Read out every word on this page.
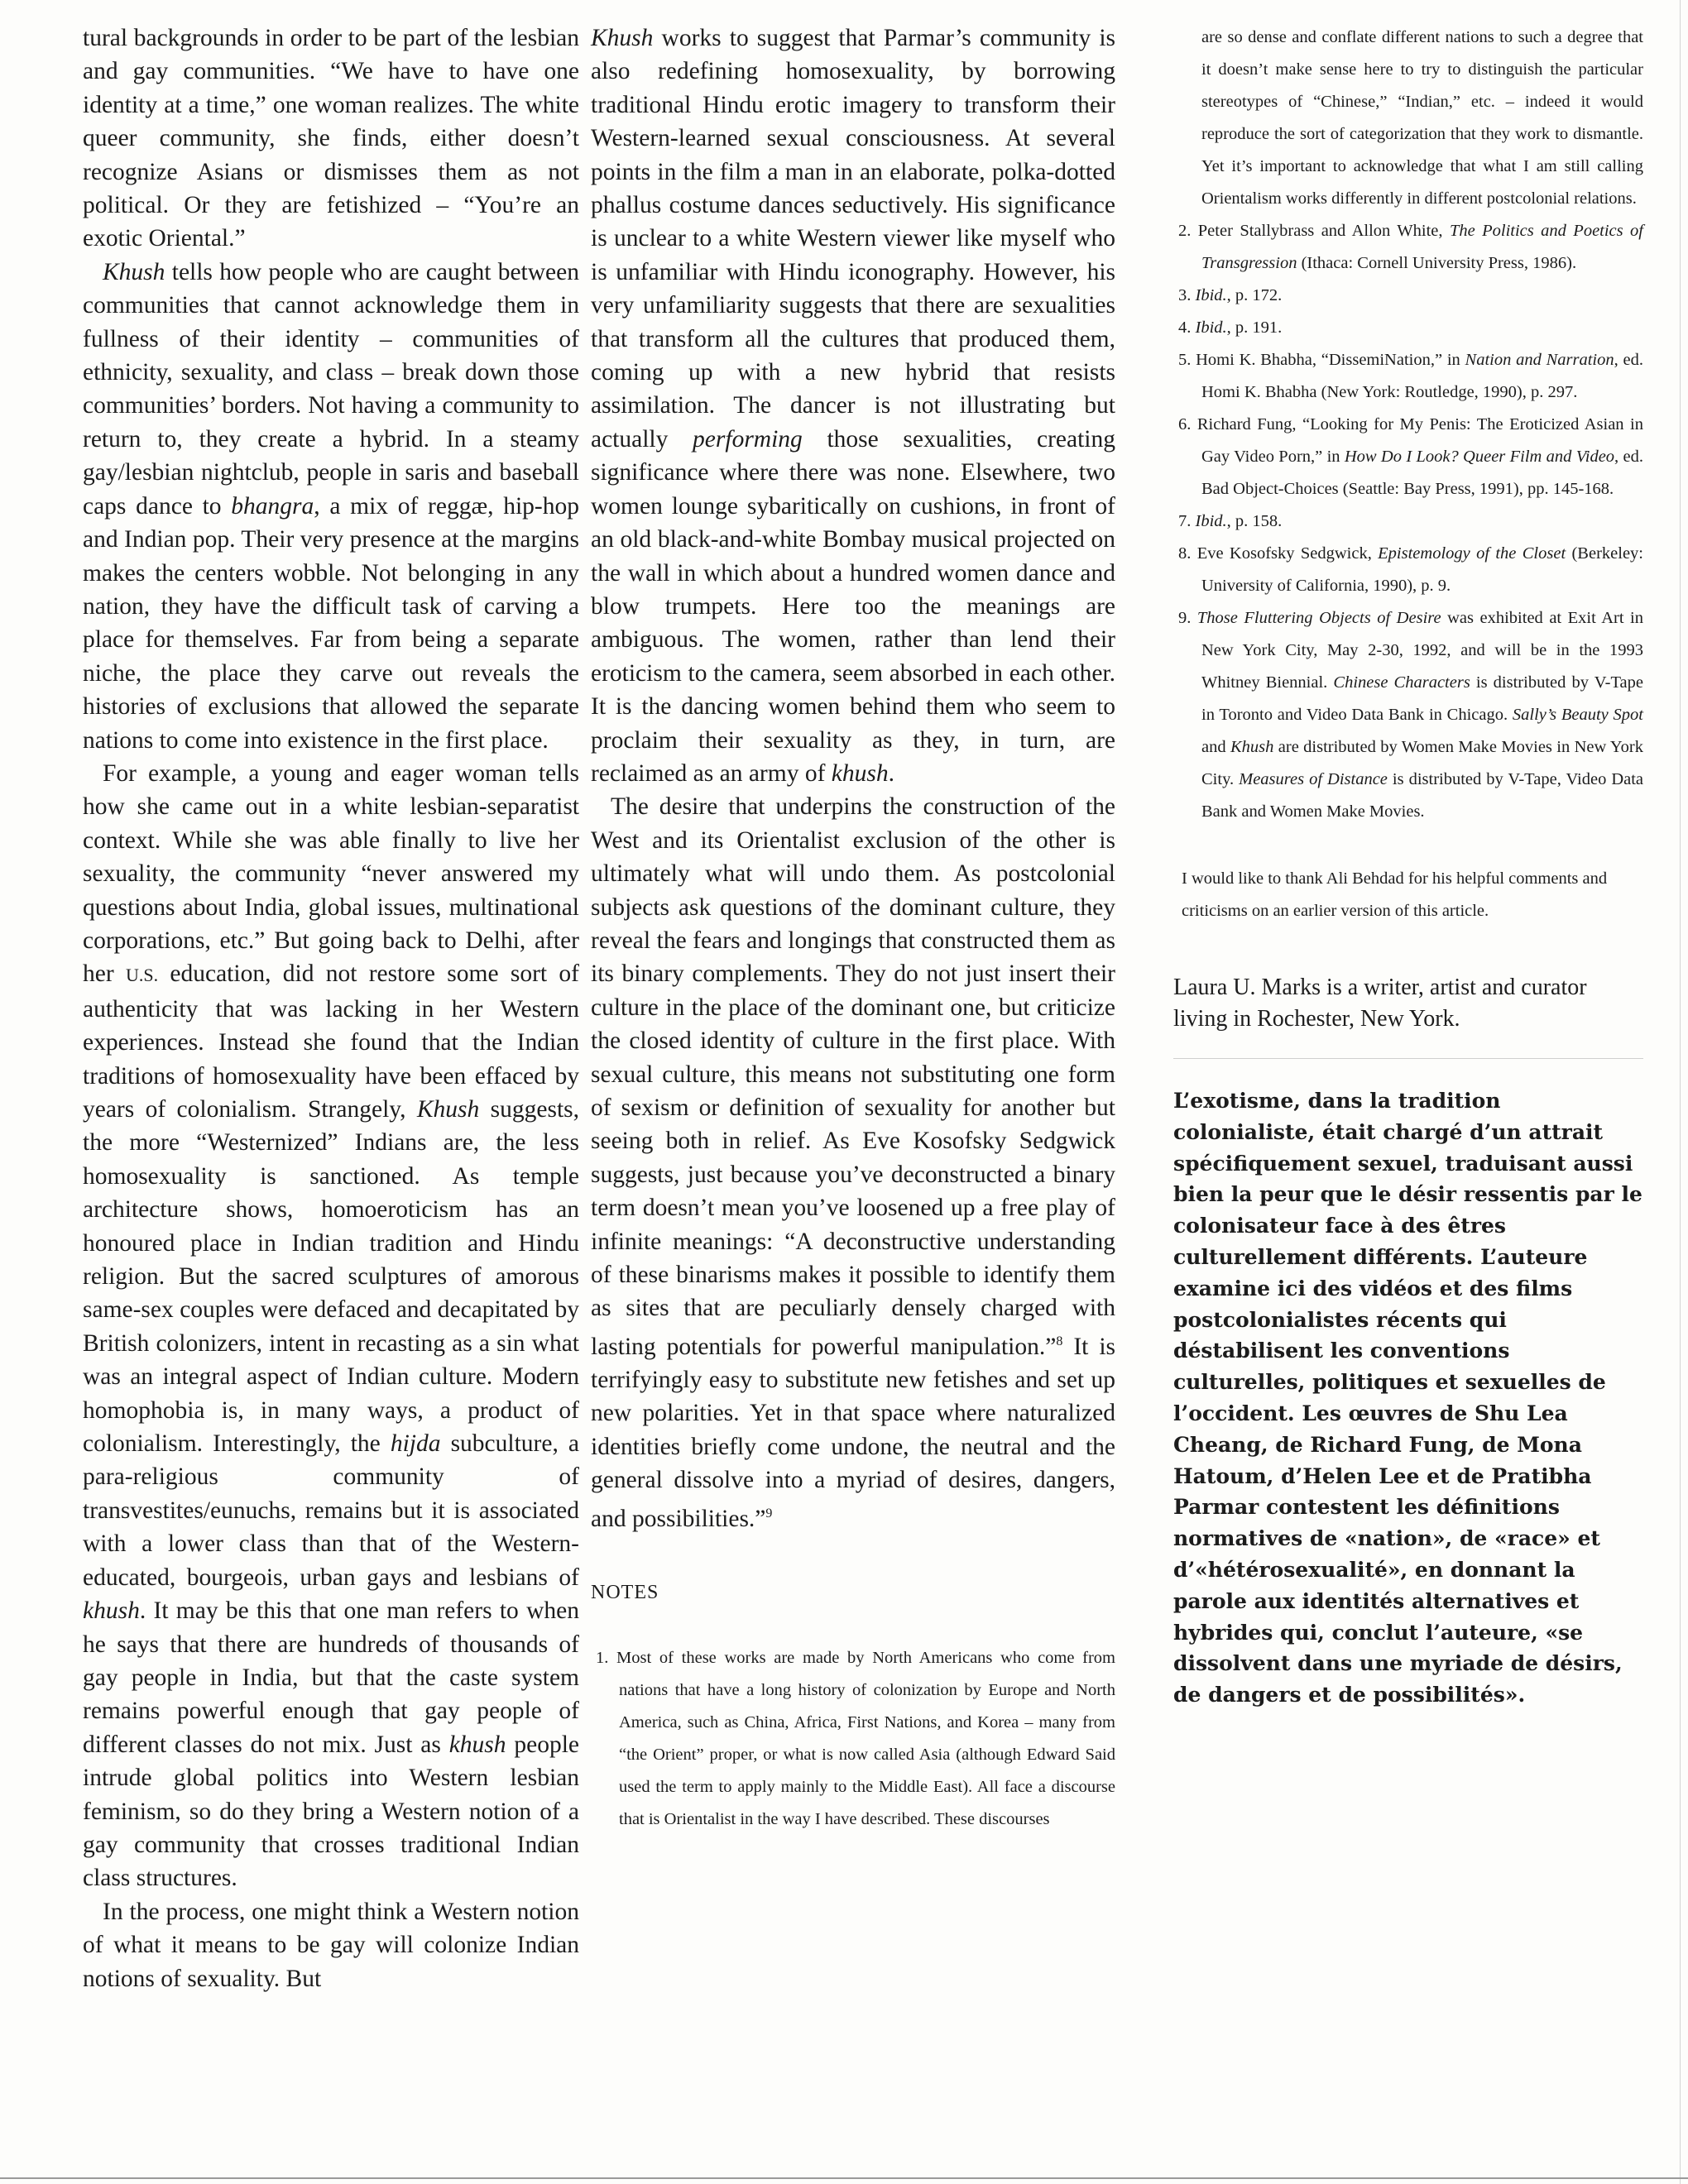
tural backgrounds in order to be part of the lesbian and gay communities. “We have to have one identity at a time,” one woman realizes. The white queer community, she finds, either doesn’t recognize Asians or dismisses them as not political. Or they are fetishized – “You’re an exotic Oriental.”

Khush tells how people who are caught between communities that cannot acknowledge them in fullness of their identity – communities of ethnicity, sexuality, and class – break down those communities’ borders. Not having a community to return to, they create a hybrid. In a steamy gay/lesbian nightclub, people in saris and baseball caps dance to bhangra, a mix of reggæ, hip-hop and Indian pop. Their very presence at the margins makes the centers wobble. Not belonging in any nation, they have the difficult task of carving a place for themselves. Far from being a separate niche, the place they carve out reveals the histories of exclusions that allowed the separate nations to come into existence in the first place.

For example, a young and eager woman tells how she came out in a white lesbian-separatist context. While she was able finally to live her sexuality, the community “never answered my questions about India, global issues, multinational corporations, etc.” But going back to Delhi, after her U.S. education, did not restore some sort of authenticity that was lacking in her Western experiences. Instead she found that the Indian traditions of homosexuality have been effaced by years of colonialism. Strangely, Khush suggests, the more “Westernized” Indians are, the less homosexuality is sanctioned. As temple architecture shows, homoeroticism has an honoured place in Indian tradition and Hindu religion. But the sacred sculptures of amorous same-sex couples were defaced and decapitated by British colonizers, intent in recasting as a sin what was an integral aspect of Indian culture. Modern homophobia is, in many ways, a product of colonialism. Interestingly, the hijda subculture, a para-religious community of transvestites/eunuchs, remains but it is associated with a lower class than that of the Western-educated, bourgeois, urban gays and lesbians of khush. It may be this that one man refers to when he says that there are hundreds of thousands of gay people in India, but that the caste system remains powerful enough that gay people of different classes do not mix. Just as khush people intrude global politics into Western lesbian feminism, so do they bring a Western notion of a gay community that crosses traditional Indian class structures.

In the process, one might think a Western notion of what it means to be gay will colonize Indian notions of sexuality. But

Khush works to suggest that Parmar’s community is also redefining homosexuality, by borrowing traditional Hindu erotic imagery to transform their Western-learned sexual consciousness. At several points in the film a man in an elaborate, polka-dotted phallus costume dances seductively. His significance is unclear to a white Western viewer like myself who is unfamiliar with Hindu iconography. However, his very unfamiliarity suggests that there are sexualities that transform all the cultures that produced them, coming up with a new hybrid that resists assimilation. The dancer is not illustrating but actually performing those sexualities, creating significance where there was none. Elsewhere, two women lounge sybaritically on cushions, in front of an old black-and-white Bombay musical projected on the wall in which about a hundred women dance and blow trumpets. Here too the meanings are ambiguous. The women, rather than lend their eroticism to the camera, seem absorbed in each other. It is the dancing women behind them who seem to proclaim their sexuality as they, in turn, are reclaimed as an army of khush.

The desire that underpins the construction of the West and its Orientalist exclusion of the other is ultimately what will undo them. As postcolonial subjects ask questions of the dominant culture, they reveal the fears and longings that constructed them as its binary complements. They do not just insert their culture in the place of the dominant one, but criticize the closed identity of culture in the first place. With sexual culture, this means not substituting one form of sexism or definition of sexuality for another but seeing both in relief. As Eve Kosofsky Sedgwick suggests, just because you’ve deconstructed a binary term doesn’t mean you’ve loosened up a free play of infinite meanings: “A deconstructive understanding of these binarisms makes it possible to identify them as sites that are peculiarly densely charged with lasting potentials for powerful manipulation.”$^8$ It is terrifyingly easy to substitute new fetishes and set up new polarities. Yet in that space where naturalized identities briefly come undone, the neutral and the general dissolve into a myriad of desires, dangers, and possibilities.”$^9$

NOTES
1. Most of these works are made by North Americans who come from nations that have a long history of colonization by Europe and North America, such as China, Africa, First Nations, and Korea – many from “the Orient” proper, or what is now called Asia (although Edward Said used the term to apply mainly to the Middle East). All face a discourse that is Orientalist in the way I have described. These discourses
are so dense and conflate different nations to such a degree that it doesn’t make sense here to try to distinguish the particular stereotypes of “Chinese,” “Indian,” etc. – indeed it would reproduce the sort of categorization that they work to dismantle. Yet it’s important to acknowledge that what I am still calling Orientalism works differently in different postcolonial relations.
2. Peter Stallybrass and Allon White, The Politics and Poetics of Transgression (Ithaca: Cornell University Press, 1986).
3. Ibid., p. 172.
4. Ibid., p. 191.
5. Homi K. Bhabha, “DissemiNation,” in Nation and Narration, ed. Homi K. Bhabha (New York: Routledge, 1990), p. 297.
6. Richard Fung, “Looking for My Penis: The Eroticized Asian in Gay Video Porn,” in How Do I Look? Queer Film and Video, ed. Bad Object-Choices (Seattle: Bay Press, 1991), pp. 145-168.
7. Ibid., p. 158.
8. Eve Kosofsky Sedgwick, Epistemology of the Closet (Berkeley: University of California, 1990), p. 9.
9. Those Fluttering Objects of Desire was exhibited at Exit Art in New York City, May 2-30, 1992, and will be in the 1993 Whitney Biennial. Chinese Characters is distributed by V-Tape in Toronto and Video Data Bank in Chicago. Sally’s Beauty Spot and Khush are distributed by Women Make Movies in New York City. Measures of Distance is distributed by V-Tape, Video Data Bank and Women Make Movies.

I would like to thank Ali Behdad for his helpful comments and criticisms on an earlier version of this article.

Laura U. Marks is a writer, artist and curator living in Rochester, New York.

L’exotisme, dans la tradition colonialiste, était chargé d’un attrait spécifiquement sexuel, traduisant aussi bien la peur que le désir ressentis par le colonisateur face à des êtres culturellement différents. L’auteure examine ici des vidéos et des films postcolonialistes récents qui déstabilisent les conventions culturelles, politiques et sexuelles de l’occident. Les œuvres de Shu Lea Cheang, de Richard Fung, de Mona Hatoum, d’Helen Lee et de Pratibha Parmar contestent les définitions normatives de «nation», de «race» et d’«hétérosexualité», en donnant la parole aux identités alternatives et hybrides qui, conclut l’auteure, «se dissolvent dans une myriade de désirs, de dangers et de possibilités».
